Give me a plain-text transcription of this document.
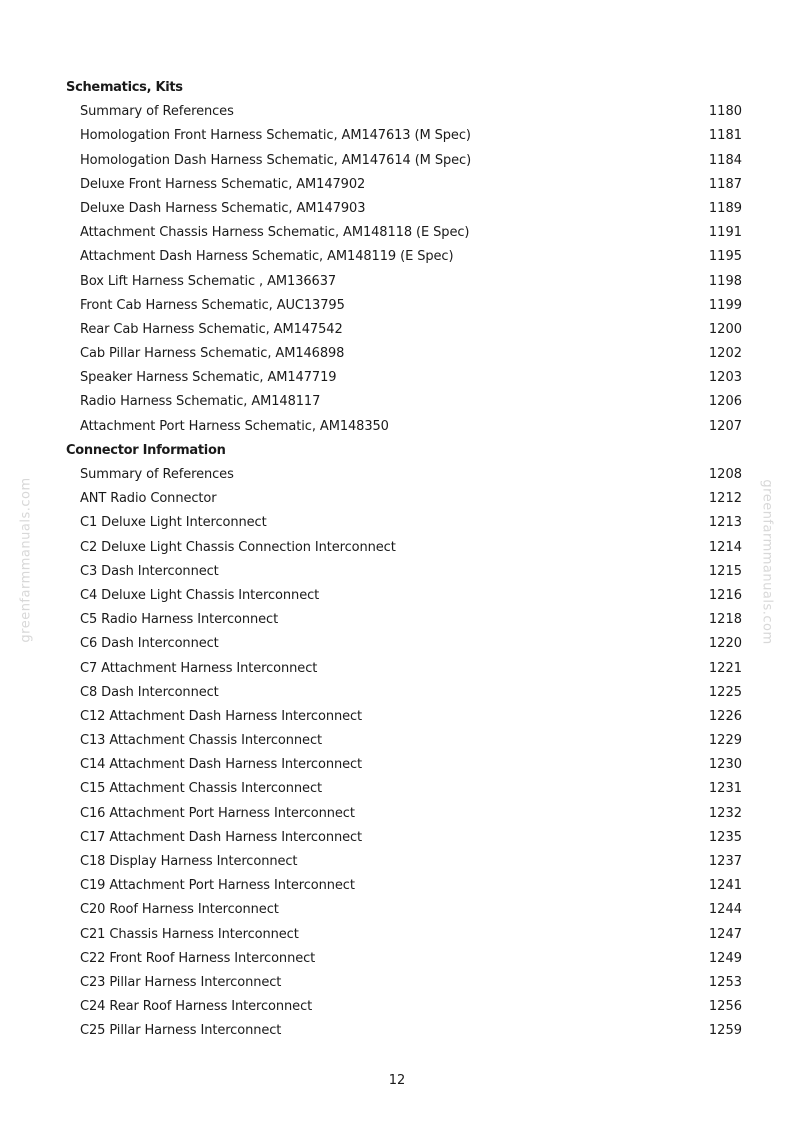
greenfarmmanuals.com	greenfarmmanuals.com
Schematics, Kits
Summary of References	1180
Homologation Front Harness Schematic, AM147613 (M Spec)	1181
Homologation Dash Harness Schematic, AM147614 (M Spec)	1184
Deluxe Front Harness Schematic, AM147902	1187
Deluxe Dash Harness Schematic, AM147903	1189
Attachment Chassis Harness Schematic, AM148118 (E Spec)	1191
Attachment Dash Harness Schematic, AM148119 (E Spec)	1195
Box Lift Harness Schematic , AM136637	1198
Front Cab Harness Schematic, AUC13795	1199
Rear Cab Harness Schematic, AM147542	1200
Cab Pillar Harness Schematic, AM146898	1202
Speaker Harness Schematic, AM147719	1203
Radio Harness Schematic, AM148117	1206
Attachment Port Harness Schematic, AM148350	1207
Connector Information
Summary of References	1208
ANT Radio Connector	1212
C1 Deluxe Light Interconnect	1213
C2 Deluxe Light Chassis Connection Interconnect	1214
C3 Dash Interconnect	1215
C4 Deluxe Light Chassis Interconnect	1216
C5 Radio Harness Interconnect	1218
C6 Dash Interconnect	1220
C7 Attachment Harness Interconnect	1221
C8 Dash Interconnect	1225
C12 Attachment Dash Harness Interconnect	1226
C13 Attachment Chassis Interconnect	1229
C14 Attachment Dash Harness Interconnect	1230
C15 Attachment Chassis Interconnect	1231
C16 Attachment Port Harness Interconnect	1232
C17 Attachment Dash Harness Interconnect	1235
C18 Display Harness Interconnect	1237
C19 Attachment Port Harness Interconnect	1241
C20 Roof Harness Interconnect	1244
C21 Chassis Harness Interconnect	1247
C22 Front Roof Harness Interconnect	1249
C23 Pillar Harness Interconnect	1253
C24 Rear Roof Harness Interconnect	1256
C25 Pillar Harness Interconnect	1259
12
